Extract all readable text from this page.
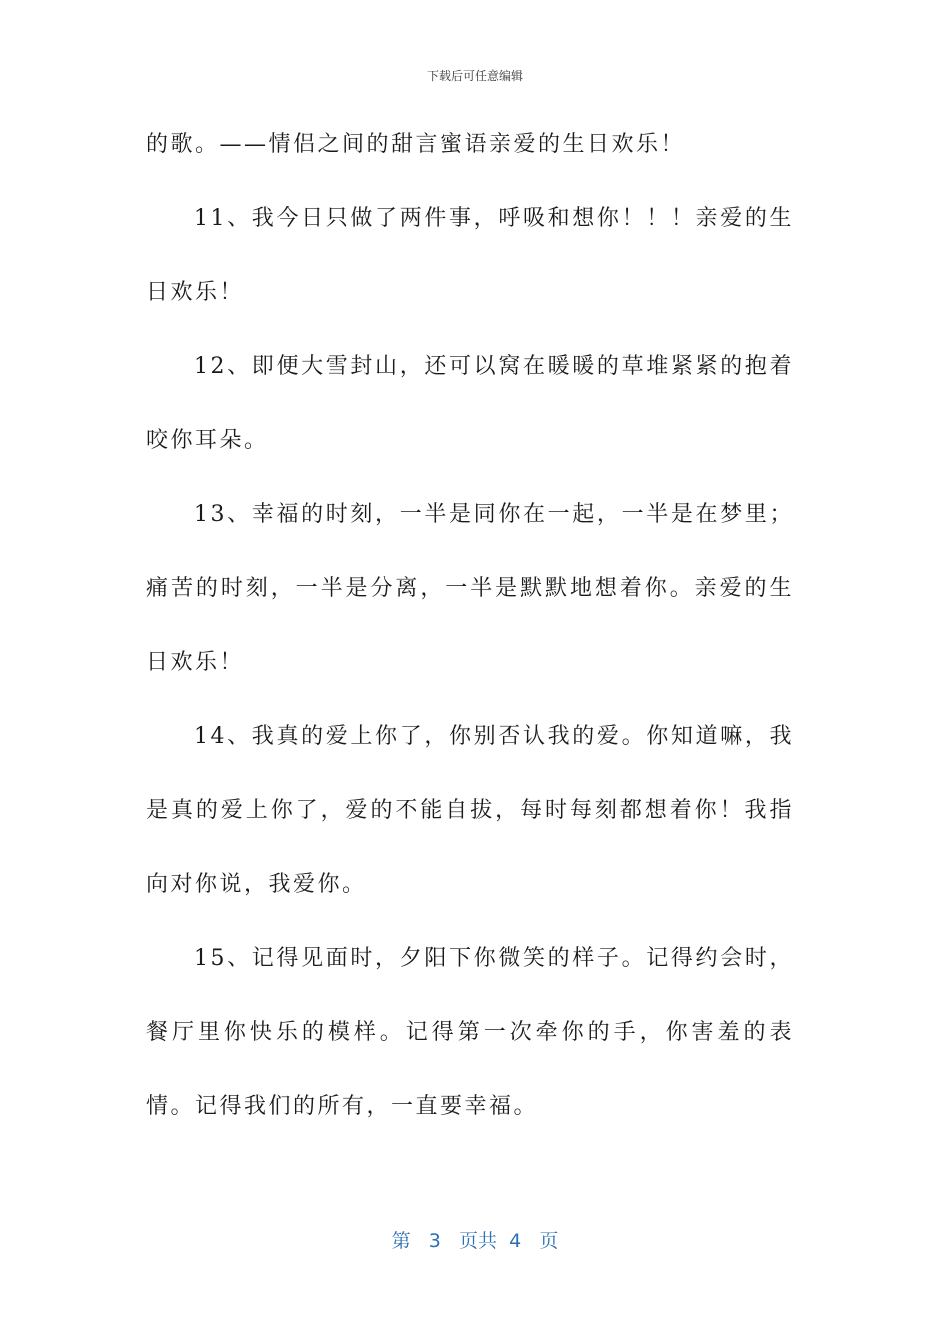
下载后可任意编辑

的歌。——情侣之间的甜言蜜语亲爱的生日欢乐！

11、我今日只做了两件事，呼吸和想你！！！亲爱的生日欢乐！

12、即便大雪封山，还可以窝在暖暖的草堆紧紧的抱着咬你耳朵。

13、幸福的时刻，一半是同你在一起，一半是在梦里；痛苦的时刻，一半是分离，一半是默默地想着你。亲爱的生日欢乐！

14、我真的爱上你了，你别否认我的爱。你知道嘛，我是真的爱上你了，爱的不能自拔，每时每刻都想着你！我指向对你说，我爱你。

15、记得见面时，夕阳下你微笑的样子。记得约会时，餐厅里你快乐的模样。记得第一次牵你的手，你害羞的表情。记得我们的所有，一直要幸福。

第 3 页共 4 页
